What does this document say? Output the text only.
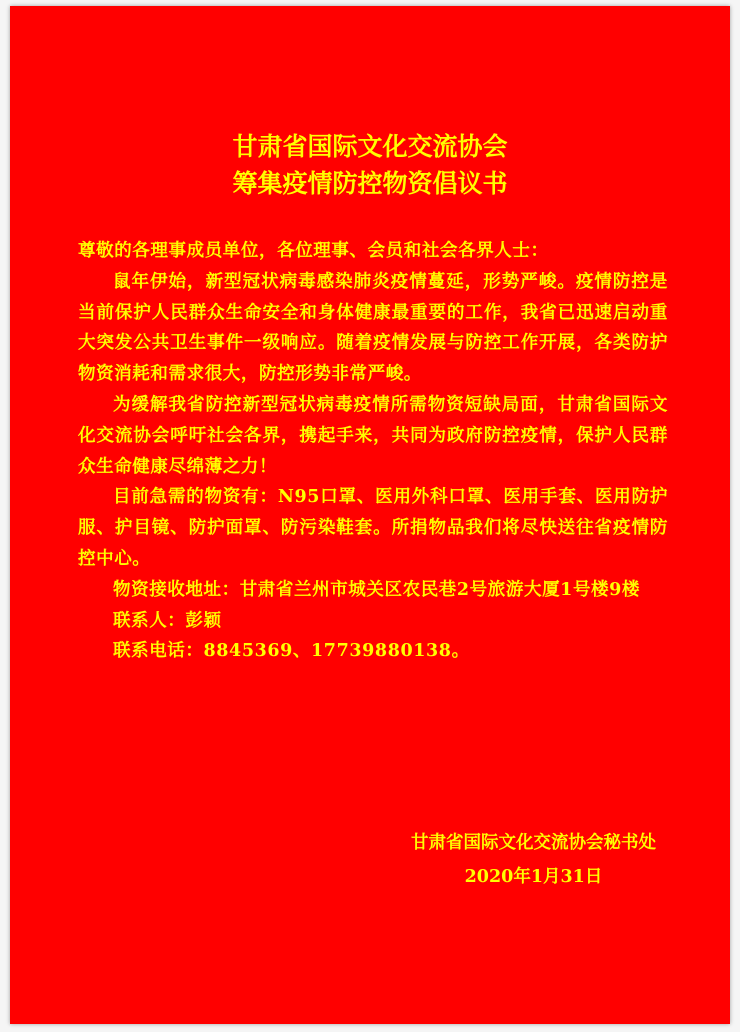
甘肃省国际文化交流协会
筹集疫情防控物资倡议书

尊敬的各理事成员单位，各位理事、会员和社会各界人士：

鼠年伊始，新型冠状病毒感染肺炎疫情蔓延，形势严峻。疫情防控是当前保护人民群众生命安全和身体健康最重要的工作，我省已迅速启动重大突发公共卫生事件一级响应。随着疫情发展与防控工作开展，各类防护物资消耗和需求很大，防控形势非常严峻。

为缓解我省防控新型冠状病毒疫情所需物资短缺局面，甘肃省国际文化交流协会呼吁社会各界，携起手来，共同为政府防控疫情，保护人民群众生命健康尽绵薄之力！

目前急需的物资有：N95口罩、医用外科口罩、医用手套、医用防护服、护目镜、防护面罩、防污染鞋套。所捐物品我们将尽快送往省疫情防控中心。

物资接收地址：甘肃省兰州市城关区农民巷2号旅游大厦1号楼9楼

联系人：彭颖

联系电话：8845369、17739880138。

甘肃省国际文化交流协会秘书处
2020年1月31日
